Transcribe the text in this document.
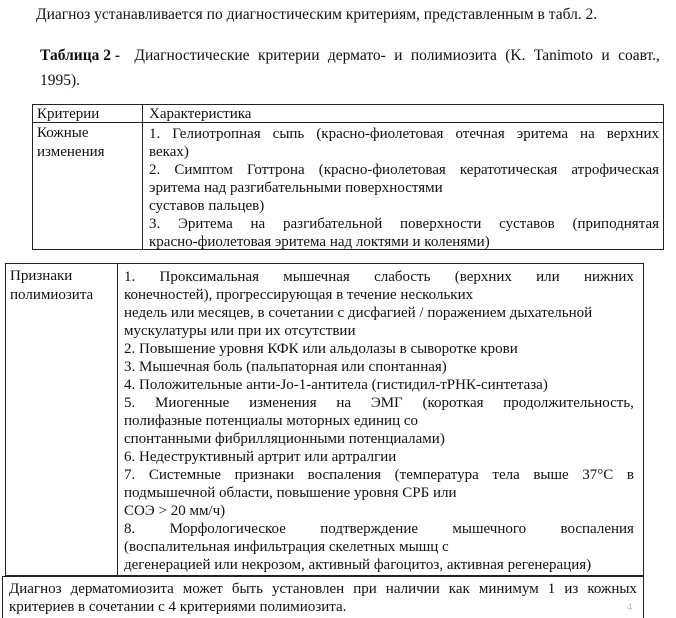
Диагноз устанавливается по диагностическим критериям, представленным в табл. 2.
Таблица 2 - Диагностические критерии дермато- и полимиозита (K. Tanimoto и соавт.,
1995).
Критерии	Характеристика
Кожные
изменения
1. Гелиотропная сыпь (красно-фиолетовая отечная эритема на верхних
веках)
2. Симптом Готтрона (красно-фиолетовая кератотическая атрофическая
эритема над разгибательными поверхностями
суставов пальцев)
3. Эритема на разгибательной поверхности суставов (приподнятая
красно-фиолетовая эритема над локтями и коленями)
Признаки
полимиозита
1. Проксимальная мышечная слабость (верхних или нижних
конечностей), прогрессирующая в течение нескольких
недель или месяцев, в сочетании с дисфагией / поражением дыхательной
мускулатуры или при их отсутствии
2. Повышение уровня КФК или альдолазы в сыворотке крови
3. Мышечная боль (пальпаторная или спонтанная)
4. Положительные анти-Jo-1-антитела (гистидил-тРНК-синтетаза)
5. Миогенные изменения на ЭМГ (короткая продолжительность,
полифазные потенциалы моторных единиц со
спонтанными фибрилляционными потенциалами)
6. Недеструктивный артрит или артралгии
7. Системные признаки воспаления (температура тела выше 37°С в
подмышечной области, повышение уровня СРБ или
СОЭ > 20 мм/ч)
8. Морфологическое подтверждение мышечного воспаления
(воспалительная инфильтрация скелетных мышц с
дегенерацией или некрозом, активный фагоцитоз, активная регенерация)
Диагноз дерматомиозита может быть установлен при наличии как минимум 1 из кожных
критериев в сочетании с 4 критериями полимиозита.	4
